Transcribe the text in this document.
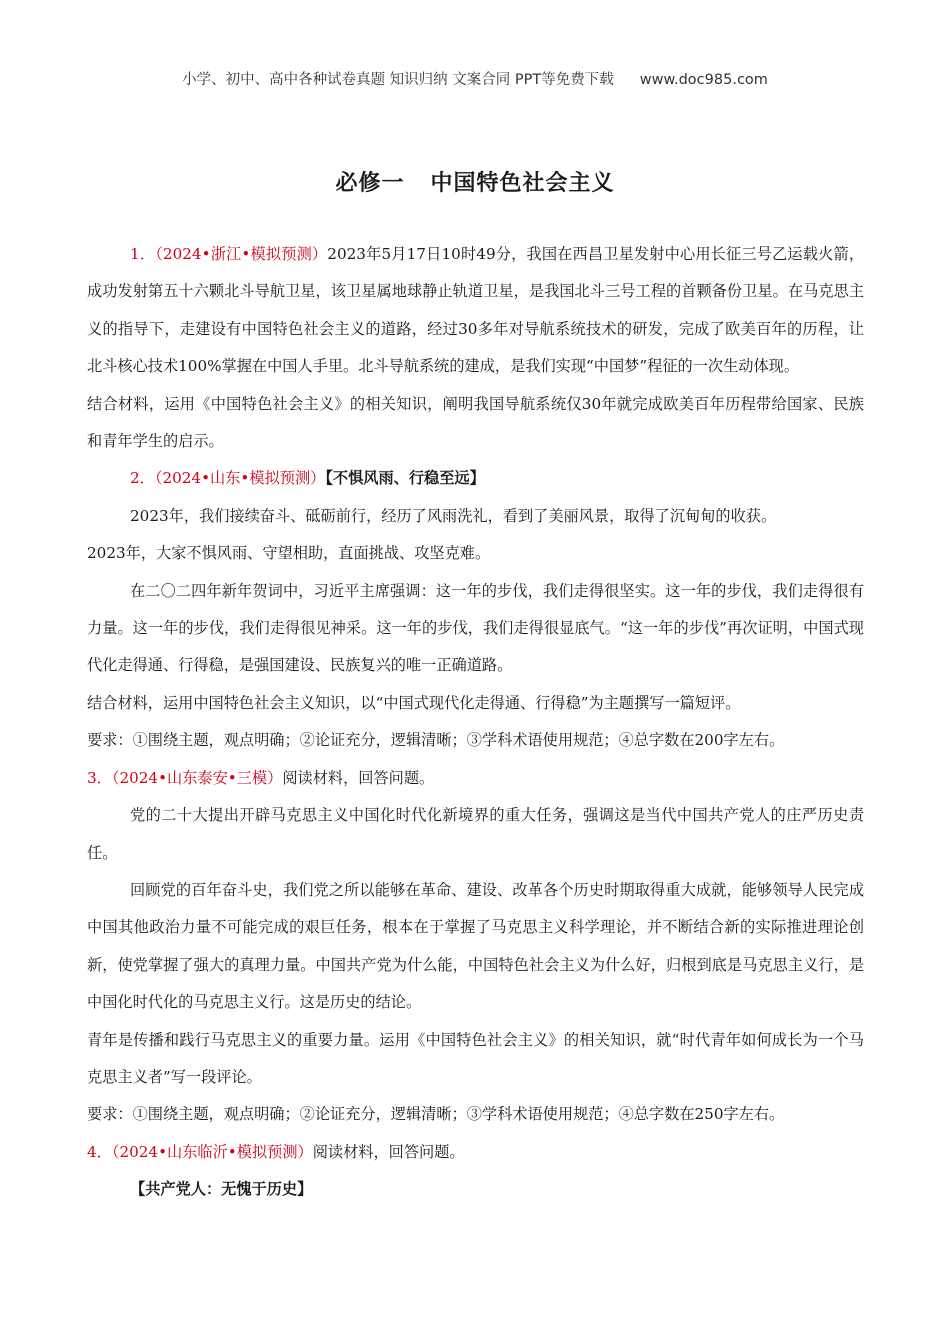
小学、初中、高中各种试卷真题 知识归纳 文案合同 PPT等免费下载 www.doc985.com
必修一 中国特色社会主义

1．（2024•浙江•模拟预测）2023年5月17日10时49分，我国在西昌卫星发射中心用长征三号乙运载火箭，成功发射第五十六颗北斗导航卫星，该卫星属地球静止轨道卫星，是我国北斗三号工程的首颗备份卫星。在马克思主义的指导下，走建设有中国特色社会主义的道路，经过30多年对导航系统技术的研发，完成了欧美百年的历程，让北斗核心技术100%掌握在中国人手里。北斗导航系统的建成，是我们实现“中国梦”程征的一次生动体现。

结合材料，运用《中国特色社会主义》的相关知识，阐明我国导航系统仅30年就完成欧美百年历程带给国家、民族和青年学生的启示。

2．（2024•山东•模拟预测）【不惧风雨、行稳至远】

2023年，我们接续奋斗、砥砺前行，经历了风雨洗礼，看到了美丽风景，取得了沉甸甸的收获。

2023年，大家不惧风雨、守望相助，直面挑战、攻坚克难。

在二〇二四年新年贺词中，习近平主席强调：这一年的步伐，我们走得很坚实。这一年的步伐，我们走得很有力量。这一年的步伐，我们走得很见神采。这一年的步伐，我们走得很显底气。“这一年的步伐”再次证明，中国式现代化走得通、行得稳，是强国建设、民族复兴的唯一正确道路。

结合材料，运用中国特色社会主义知识，以“中国式现代化走得通、行得稳”为主题撰写一篇短评。

要求：①围绕主题，观点明确；②论证充分，逻辑清晰；③学科术语使用规范；④总字数在200字左右。

3．（2024•山东泰安•三模）阅读材料，回答问题。

党的二十大提出开辟马克思主义中国化时代化新境界的重大任务，强调这是当代中国共产党人的庄严历史责任。

回顾党的百年奋斗史，我们党之所以能够在革命、建设、改革各个历史时期取得重大成就，能够领导人民完成中国其他政治力量不可能完成的艰巨任务，根本在于掌握了马克思主义科学理论，并不断结合新的实际推进理论创新，使党掌握了强大的真理力量。中国共产党为什么能，中国特色社会主义为什么好，归根到底是马克思主义行，是中国化时代化的马克思主义行。这是历史的结论。

青年是传播和践行马克思主义的重要力量。运用《中国特色社会主义》的相关知识，就“时代青年如何成长为一个马克思主义者”写一段评论。

要求：①围绕主题，观点明确；②论证充分，逻辑清晰；③学科术语使用规范；④总字数在250字左右。

4．（2024•山东临沂•模拟预测）阅读材料，回答问题。

【共产党人：无愧于历史】
